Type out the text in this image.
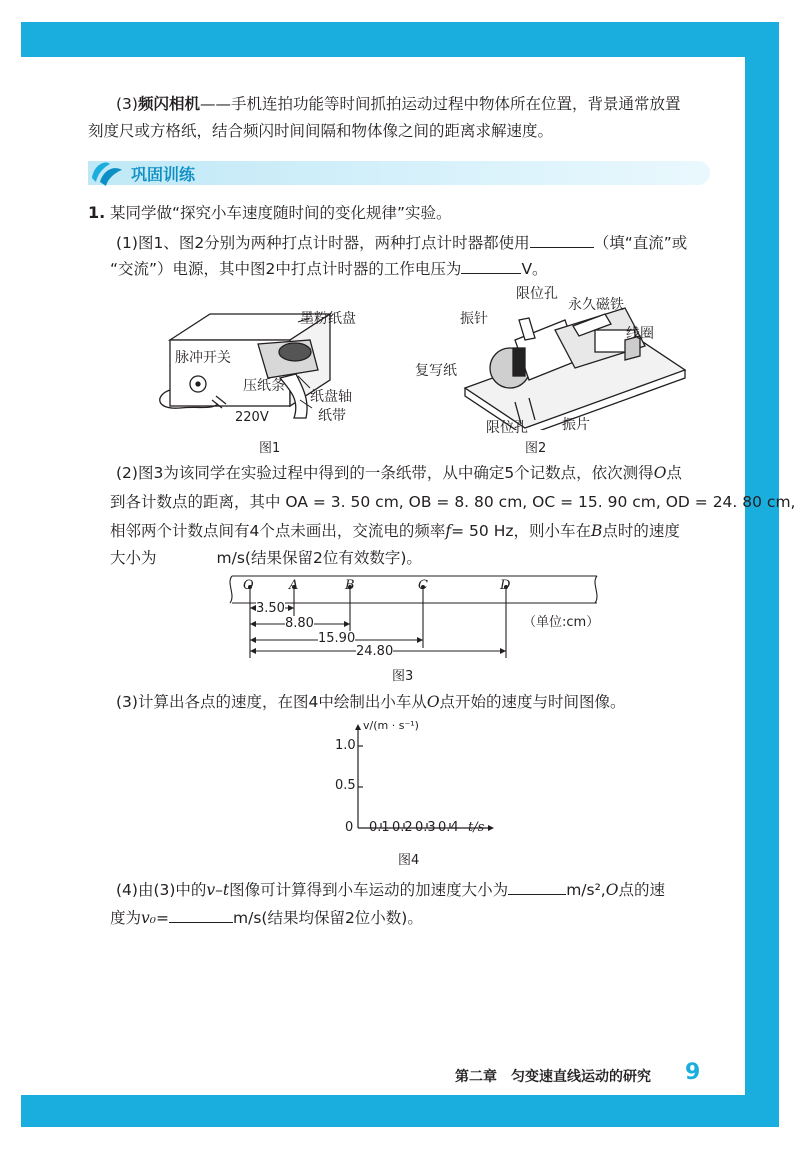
(3)频闪相机——手机连拍功能等时间抓拍运动过程中物体所在位置，背景通常放置
刻度尺或方格纸，结合频闪时间间隔和物体像之间的距离求解速度。
巩固训练
1. 某同学做“探究小车速度随时间的变化规律”实验。
(1)图1、图2分别为两种打点计时器，两种打点计时器都使用	（填“直流”或
“交流”）电源，其中图2中打点计时器的工作电压为	V。
脉冲开关
墨粉纸盘
压纸条
纸盘轴
纸带
220V
图1
限位孔
永久磁铁
振针
线圈
复写纸
限位孔 振片
图2
(2)图3为该同学在实验过程中得到的一条纸带，从中确定5个记数点，依次测得O点
到各计数点的距离，其中 OA = 3. 50 cm, OB = 8. 80 cm, OC = 15. 90 cm, OD = 24. 80 cm,
相邻两个计数点间有4个点未画出，交流电的频率f= 50 Hz，则小车在B点时的速度
大小为	m/s(结果保留2位有效数字)。
O	A	B	C	D
3.50
8.80
15.90
24.80
（单位:cm）
图3
(3)计算出各点的速度，在图4中绘制出小车从O点开始的速度与时间图像。
v/(m · s⁻¹)
1.0
0.5
0 0.1 0.2 0.3 0.4 t/s
图4
(4)由(3)中的v–t图像可计算得到小车运动的加速度大小为	m/s²,O点的速
度为v₀=	m/s(结果均保留2位小数)。
第二章　匀变速直线运动的研究 9
